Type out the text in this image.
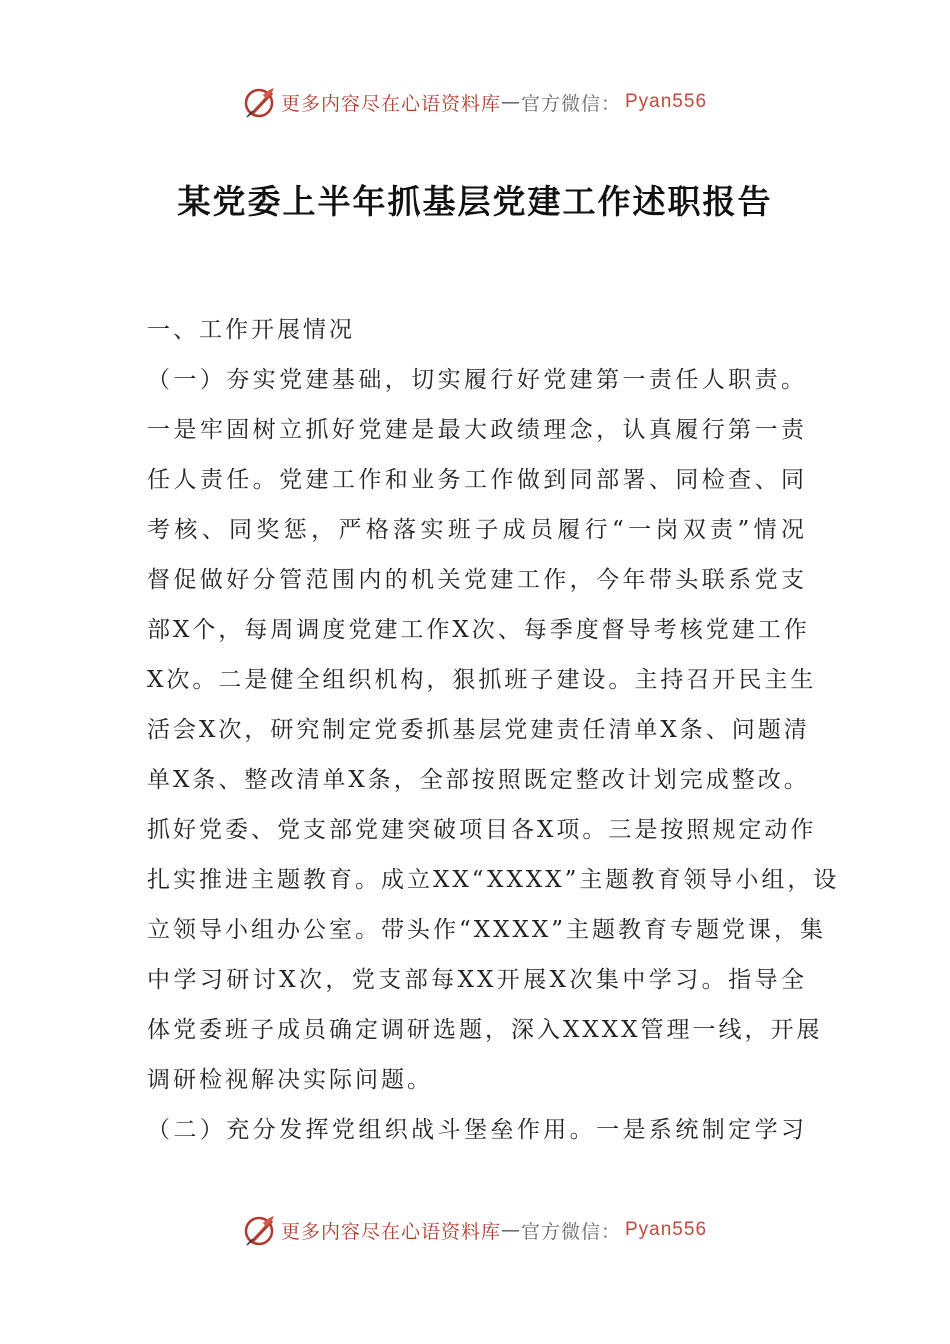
更多内容尽在心语资料库 — 官方微信： Pyan556
某党委上半年抓基层党建工作述职报告
一、工作开展情况
（一）夯实党建基础，切实履行好党建第一责任人职责。
一是牢固树立抓好党建是最大政绩理念，认真履行第一责
任人责任。党建工作和业务工作做到同部署、同检查、同
考核、同奖惩，严格落实班子成员履行“一岗双责”情况
督促做好分管范围内的机关党建工作，今年带头联系党支
部X个，每周调度党建工作X次、每季度督导考核党建工作
X次。二是健全组织机构，狠抓班子建设。主持召开民主生
活会X次，研究制定党委抓基层党建责任清单X条、问题清
单X条、整改清单X条，全部按照既定整改计划完成整改。
抓好党委、党支部党建突破项目各X项。三是按照规定动作
扎实推进主题教育。成立XX“XXXX”主题教育领导小组，设
立领导小组办公室。带头作“XXXX”主题教育专题党课，集
中学习研讨X次，党支部每XX开展X次集中学习。指导全
体党委班子成员确定调研选题，深入XXXX管理一线，开展
调研检视解决实际问题。
（二）充分发挥党组织战斗堡垒作用。一是系统制定学习
更多内容尽在心语资料库 — 官方微信： Pyan556
